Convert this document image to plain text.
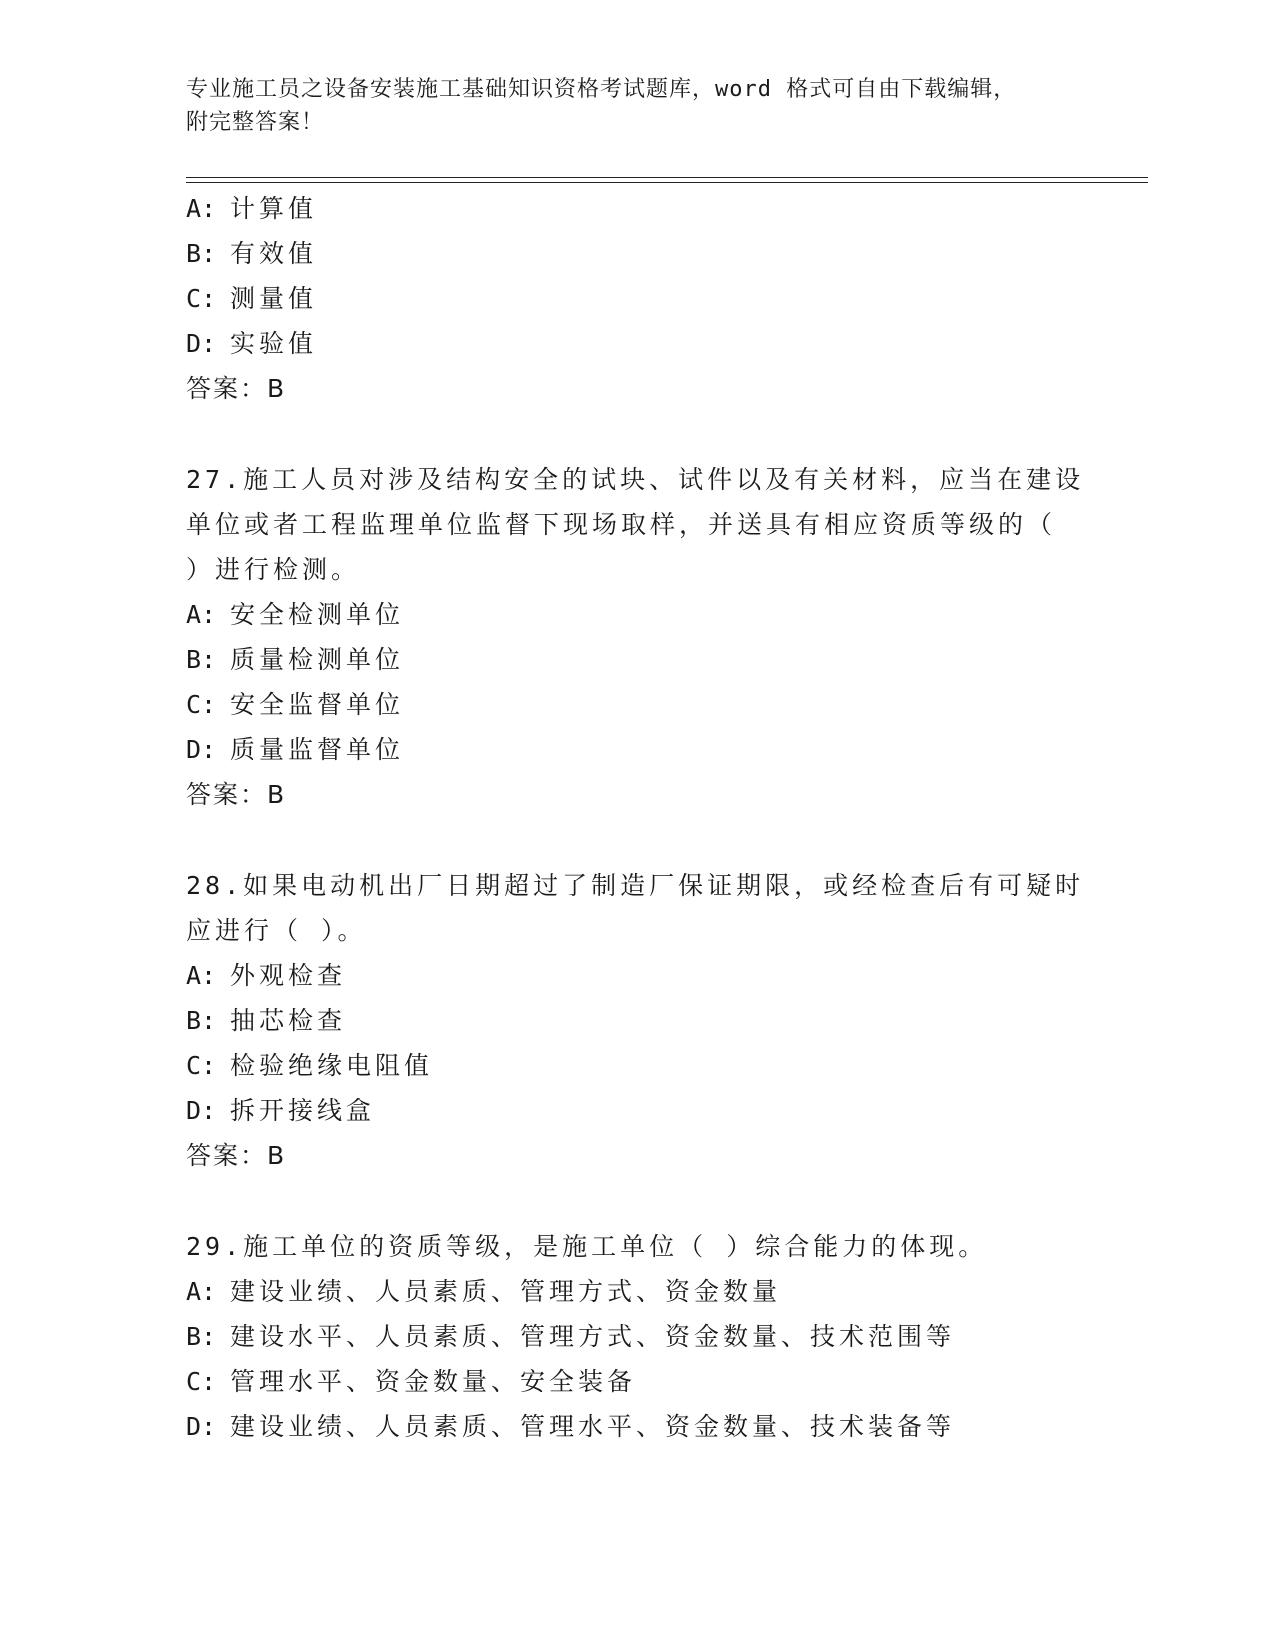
专业施工员之设备安装施工基础知识资格考试题库，word 格式可自由下载编辑，
附完整答案！
A: 计算值
B: 有效值
C: 测量值
D: 实验值
答案：B
27.施工人员对涉及结构安全的试块、试件以及有关材料，应当在建设
单位或者工程监理单位监督下现场取样，并送具有相应资质等级的（
）进行检测。
A: 安全检测单位
B: 质量检测单位
C: 安全监督单位
D: 质量监督单位
答案：B
28.如果电动机出厂日期超过了制造厂保证期限，或经检查后有可疑时
应进行（ ）。
A: 外观检查
B: 抽芯检查
C: 检验绝缘电阻值
D: 拆开接线盒
答案：B
29.施工单位的资质等级，是施工单位（ ）综合能力的体现。
A: 建设业绩、人员素质、管理方式、资金数量
B: 建设水平、人员素质、管理方式、资金数量、技术范围等
C: 管理水平、资金数量、安全装备
D: 建设业绩、人员素质、管理水平、资金数量、技术装备等
